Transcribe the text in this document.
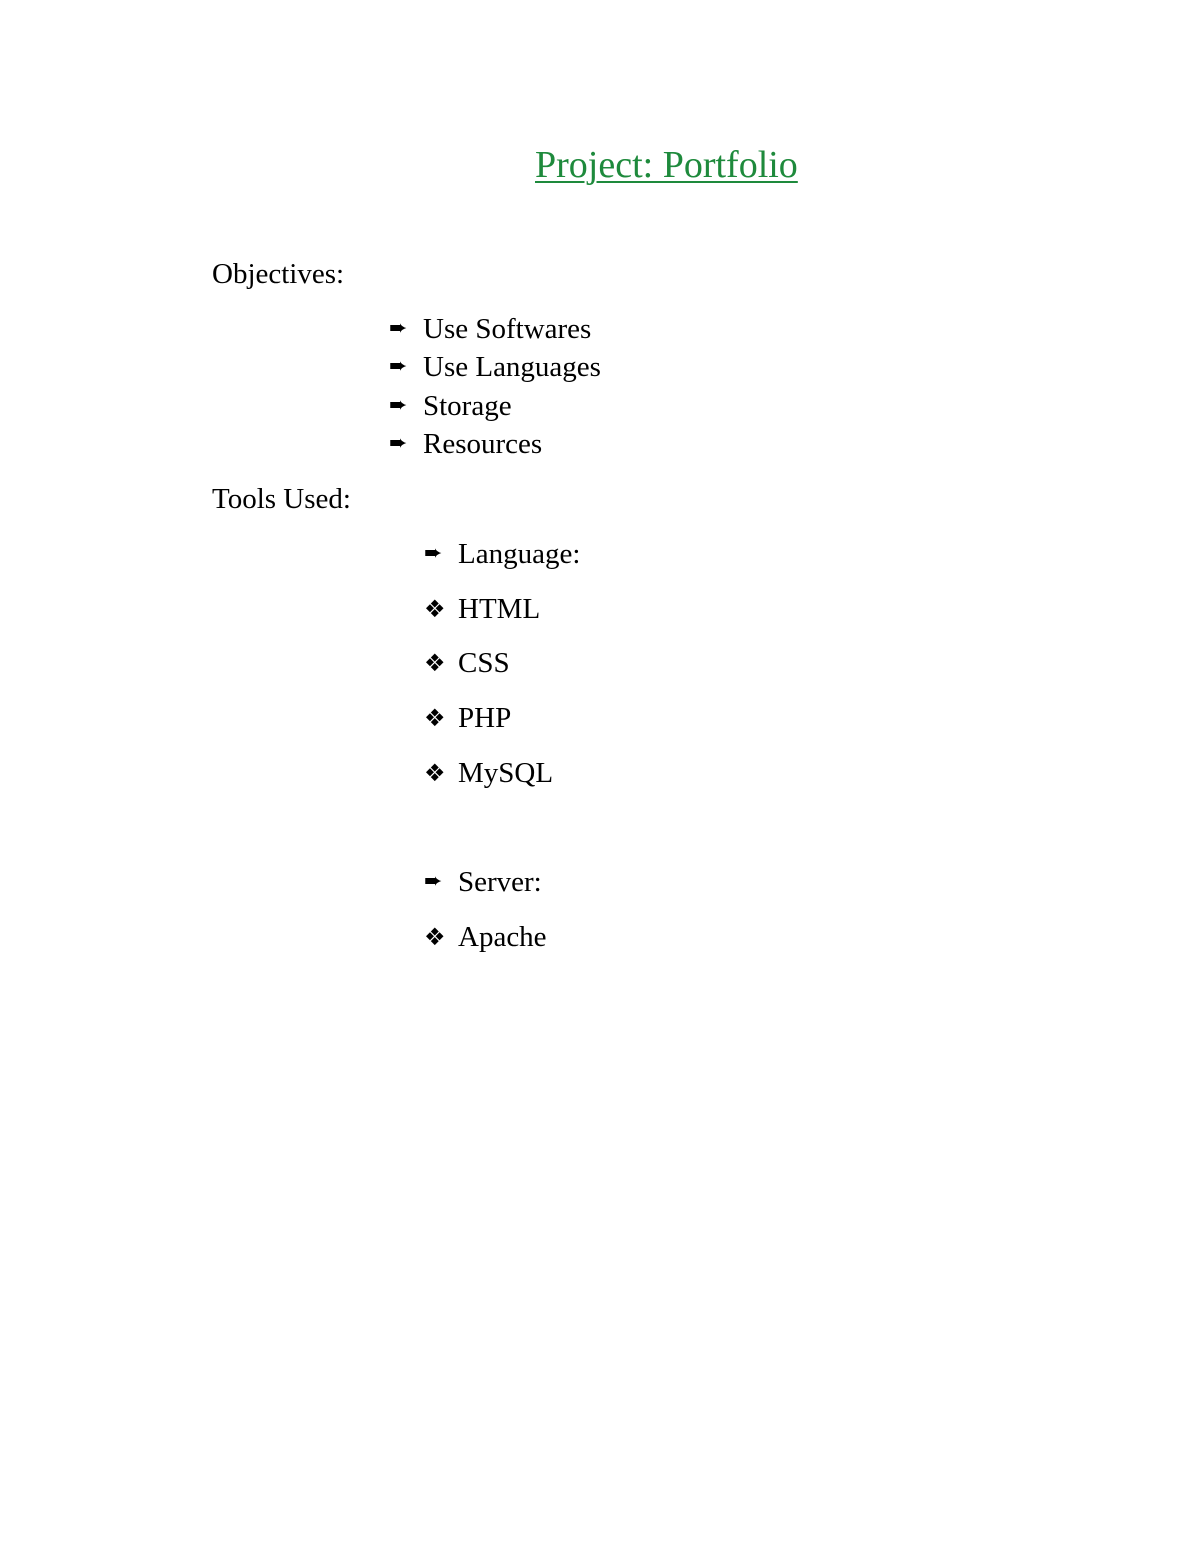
Project: Portfolio
Objectives:
➨ Use Softwares
➨ Use Languages
➨ Storage
➨ Resources
Tools Used:
➨ Language:
❖ HTML
❖ CSS
❖ PHP
❖ MySQL
➨ Server:
❖ Apache
